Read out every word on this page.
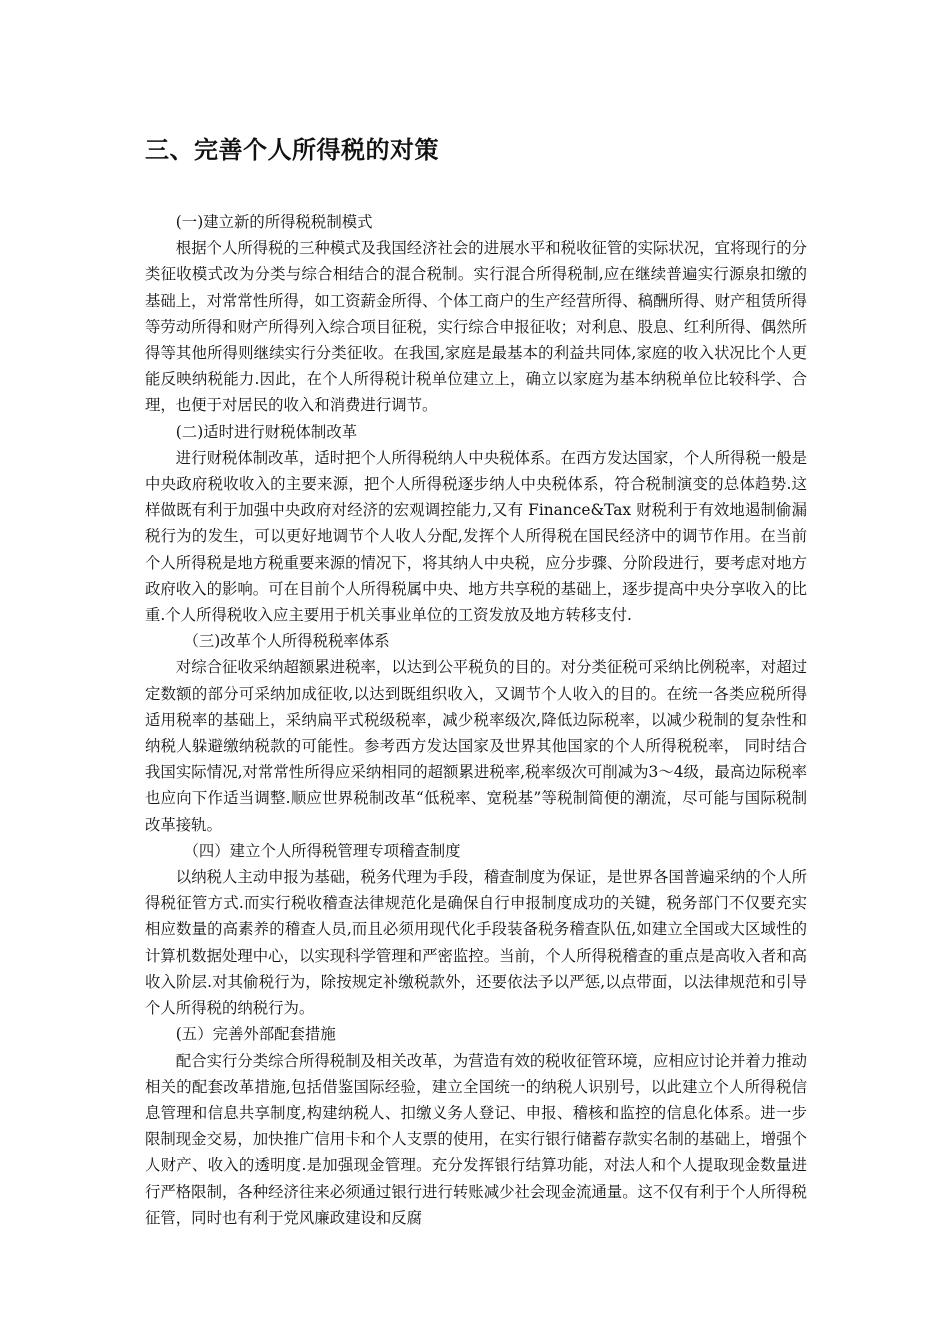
三、完善个人所得税的对策

(一)建立新的所得税税制模式

根据个人所得税的三种模式及我国经济社会的进展水平和税收征管的实际状况，宜将现行的分类征收模式改为分类与综合相结合的混合税制。实行混合所得税制,应在继续普遍实行源泉扣缴的基础上，对常常性所得，如工资薪金所得、个体工商户的生产经营所得、稿酬所得、财产租赁所得等劳动所得和财产所得列入综合项目征税，实行综合申报征收；对利息、股息、红利所得、偶然所得等其他所得则继续实行分类征收。在我国,家庭是最基本的利益共同体,家庭的收入状况比个人更能反映纳税能力.因此，在个人所得税计税单位建立上，确立以家庭为基本纳税单位比较科学、合理，也便于对居民的收入和消费进行调节。

(二)适时进行财税体制改革

进行财税体制改革，适时把个人所得税纳人中央税体系。在西方发达国家，个人所得税一般是中央政府税收收入的主要来源，把个人所得税逐步纳人中央税体系，符合税制演变的总体趋势.这样做既有利于加强中央政府对经济的宏观调控能力,又有 Finance&Tax 财税利于有效地遏制偷漏税行为的发生，可以更好地调节个人收人分配,发挥个人所得税在国民经济中的调节作用。在当前个人所得税是地方税重要来源的情况下，将其纳人中央税，应分步骤、分阶段进行，要考虑对地方政府收入的影响。可在目前个人所得税属中央、地方共享税的基础上，逐步提高中央分享收入的比重.个人所得税收入应主要用于机关事业单位的工资发放及地方转移支付.

（三)改革个人所得税税率体系

对综合征收采纳超额累进税率，以达到公平税负的目的。对分类征税可采纳比例税率，对超过定数额的部分可采纳加成征收,以达到既组织收入，又调节个人收入的目的。在统一各类应税所得适用税率的基础上，采纳扁平式税级税率，减少税率级次,降低边际税率，以减少税制的复杂性和纳税人躲避缴纳税款的可能性。参考西方发达国家及世界其他国家的个人所得税税率， 同时结合我国实际情况,对常常性所得应采纳相同的超额累进税率,税率级次可削减为3～4级，最高边际税率也应向下作适当调整.顺应世界税制改革“低税率、宽税基”等税制简便的潮流，尽可能与国际税制改革接轨。

（四）建立个人所得税管理专项稽查制度

以纳税人主动申报为基础，税务代理为手段，稽查制度为保证，是世界各国普遍采纳的个人所得税征管方式.而实行税收稽查法律规范化是确保自行申报制度成功的关键，税务部门不仅要充实相应数量的高素养的稽查人员,而且必须用现代化手段装备税务稽查队伍,如建立全国或大区域性的计算机数据处理中心，以实现科学管理和严密监控。当前，个人所得税稽查的重点是高收入者和高收入阶层.对其偷税行为，除按规定补缴税款外，还要依法予以严惩,以点带面，以法律规范和引导个人所得税的纳税行为。

(五）完善外部配套措施

配合实行分类综合所得税制及相关改革，为营造有效的税收征管环境，应相应讨论并着力推动相关的配套改革措施,包括借鉴国际经验，建立全国统一的纳税人识别号，以此建立个人所得税信息管理和信息共享制度,构建纳税人、扣缴义务人登记、申报、稽核和监控的信息化体系。进一步限制现金交易，加快推广信用卡和个人支票的使用，在实行银行储蓄存款实名制的基础上，增强个人财产、收入的透明度.是加强现金管理。充分发挥银行结算功能，对法人和个人提取现金数量进行严格限制，各种经济往来必须通过银行进行转账减少社会现金流通量。这不仅有利于个人所得税征管，同时也有利于党风廉政建设和反腐
